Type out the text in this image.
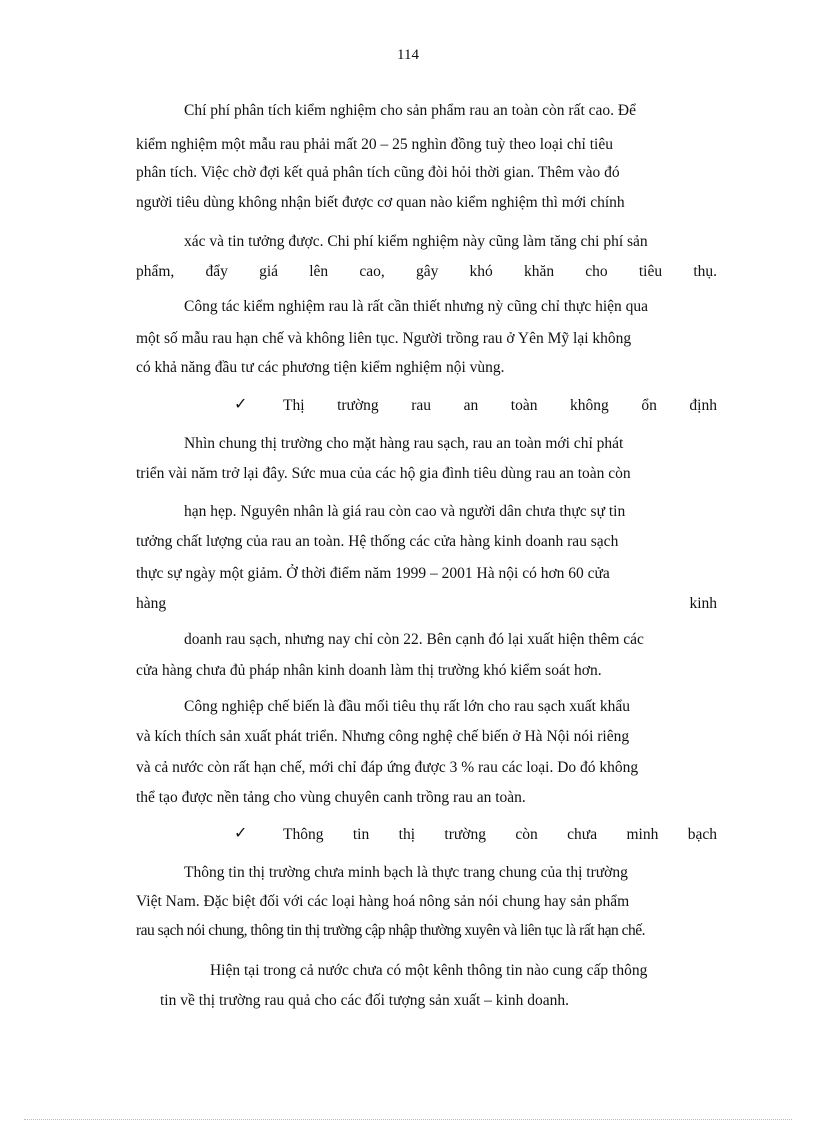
114
Chí phí phân tích kiểm nghiệm cho sản phẩm rau an toàn còn rất cao. Để
kiểm nghiệm một mẫu rau phải mất 20 – 25 nghìn đồng tuỳ theo loại chỉ tiêu
phân tích. Việc chờ đợi kết quả phân tích cũng đòi hỏi thời gian. Thêm vào đó
người tiêu dùng không nhận biết được cơ quan nào kiểm nghiệm thì mới chính
xác và tin tưởng được. Chi phí kiểm nghiệm này cũng làm tăng chi phí sản
phẩm, đẩy giá lên cao, gây khó khăn cho tiêu thụ.
Công tác kiểm nghiệm rau là rất cần thiết nhưng nỳ cũng chỉ thực hiện qua
một số mẫu rau hạn chế và không liên tục. Người trồng rau ở Yên Mỹ lại không
có khả năng đầu tư các phương tiện kiểm nghiệm nội vùng.
✓ Thị trường rau an toàn không ổn định
Nhìn chung thị trường cho mặt hàng rau sạch, rau an toàn mới chỉ phát
triển vài năm trở lại đây. Sức mua của các hộ gia đình tiêu dùng rau an toàn còn
hạn hẹp. Nguyên nhân là giá rau còn cao và người dân chưa thực sự tin
tưởng chất lượng của rau an toàn. Hệ thống các cửa hàng kinh doanh rau sạch
thực sự ngày một giảm. Ở thời điểm năm 1999 – 2001 Hà nội có hơn 60 cửa
hàng kinh
doanh rau sạch, nhưng nay chỉ còn 22. Bên cạnh đó lại xuất hiện thêm các
cửa hàng chưa đủ pháp nhân kinh doanh làm thị trường khó kiểm soát hơn.
Công nghiệp chế biến là đầu mối tiêu thụ rất lớn cho rau sạch xuất khẩu
và kích thích sản xuất phát triển. Nhưng công nghệ chế biến ở Hà Nội nói riêng
và cả nước còn rất hạn chế, mới chỉ đáp ứng được 3 % rau các loại. Do đó không
thể tạo được nền tảng cho vùng chuyên canh trồng rau an toàn.
✓ Thông tin thị trường còn chưa minh bạch
Thông tin thị trường chưa minh bạch là thực trang chung của thị trường
Việt Nam. Đặc biệt đối với các loại hàng hoá nông sản nói chung hay sản phẩm
rau sạch nói chung, thông tin thị trường cập nhập thường xuyên và liên tục là rất hạn chế.
Hiện tại trong cả nước chưa có một kênh thông tin nào cung cấp thông
tin về thị trường rau quả cho các đối tượng sản xuất – kinh doanh.
